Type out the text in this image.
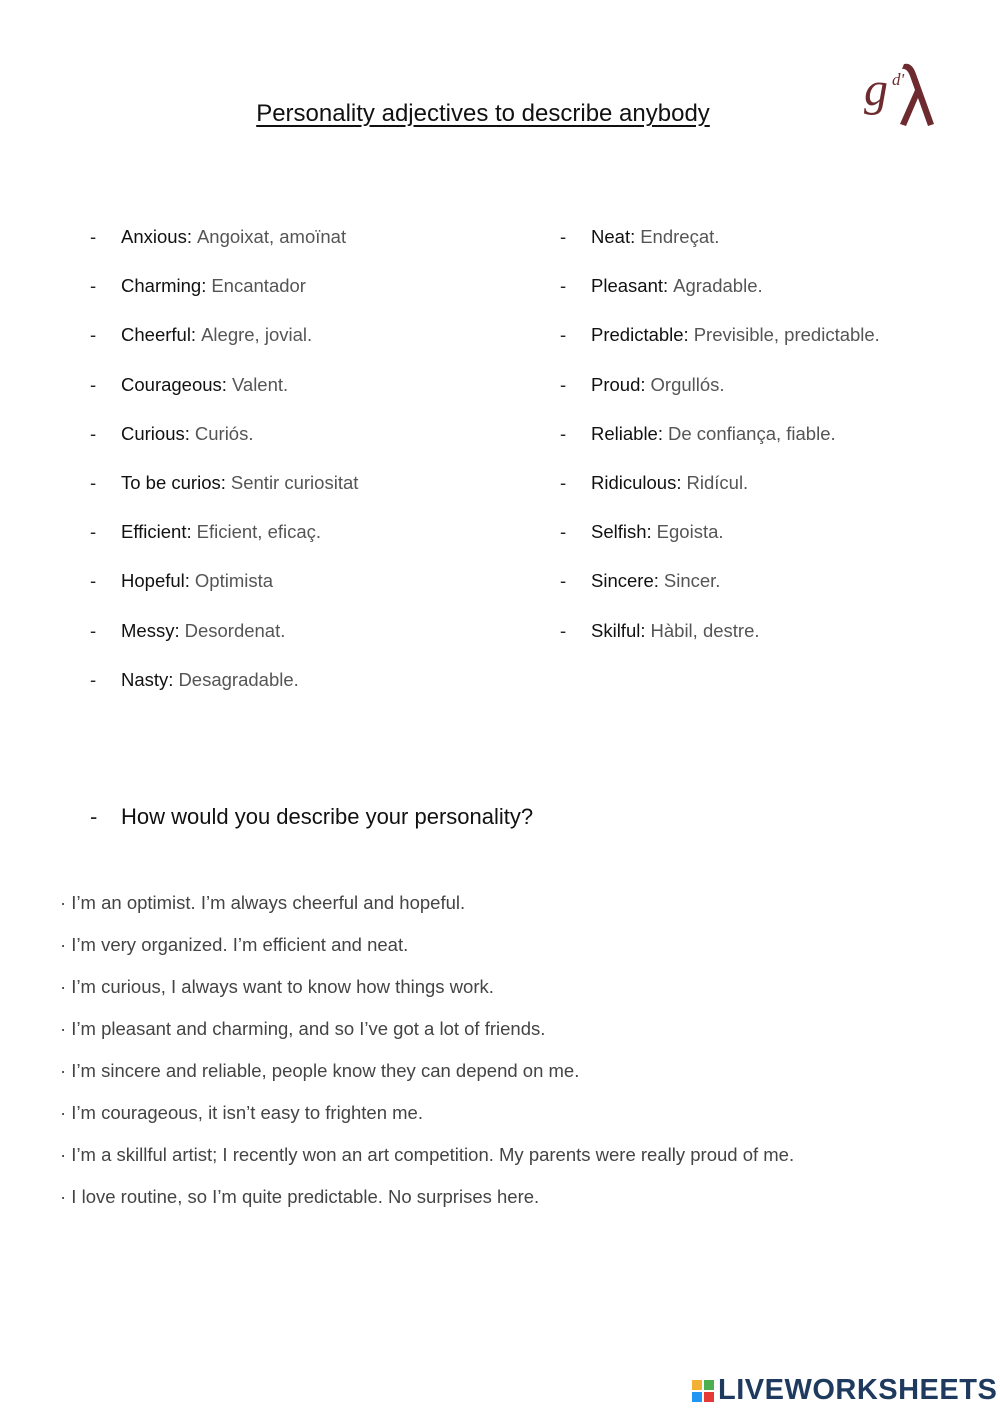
Personality adjectives to describe anybody	g d'
-	Anxious: Angoixat, amoïnat
-	Charming: Encantador
-	Cheerful: Alegre, jovial.
-	Courageous: Valent.
-	Curious: Curiós.
-	To be curios: Sentir curiositat
-	Efficient: Eficient, eficaç.
-	Hopeful: Optimista
-	Messy: Desordenat.
-	Nasty: Desagradable.
-	Neat: Endreçat.
-	Pleasant: Agradable.
-	Predictable: Previsible, predictable.
-	Proud: Orgullós.
-	Reliable: De confiança, fiable.
-	Ridiculous: Ridícul.
-	Selfish: Egoista.
-	Sincere: Sincer.
-	Skilful: Hàbil, destre.
-	How would you describe your personality?
· I’m an optimist. I’m always cheerful and hopeful.
· I’m very organized. I’m efficient and neat.
· I’m curious, I always want to know how things work.
· I’m pleasant and charming, and so I’ve got a lot of friends.
· I’m sincere and reliable, people know they can depend on me.
· I’m courageous, it isn’t easy to frighten me.
· I’m a skillful artist; I recently won an art competition. My parents were really proud of me.
· I love routine, so I’m quite predictable. No surprises here.
LIVEWORKSHEETS
